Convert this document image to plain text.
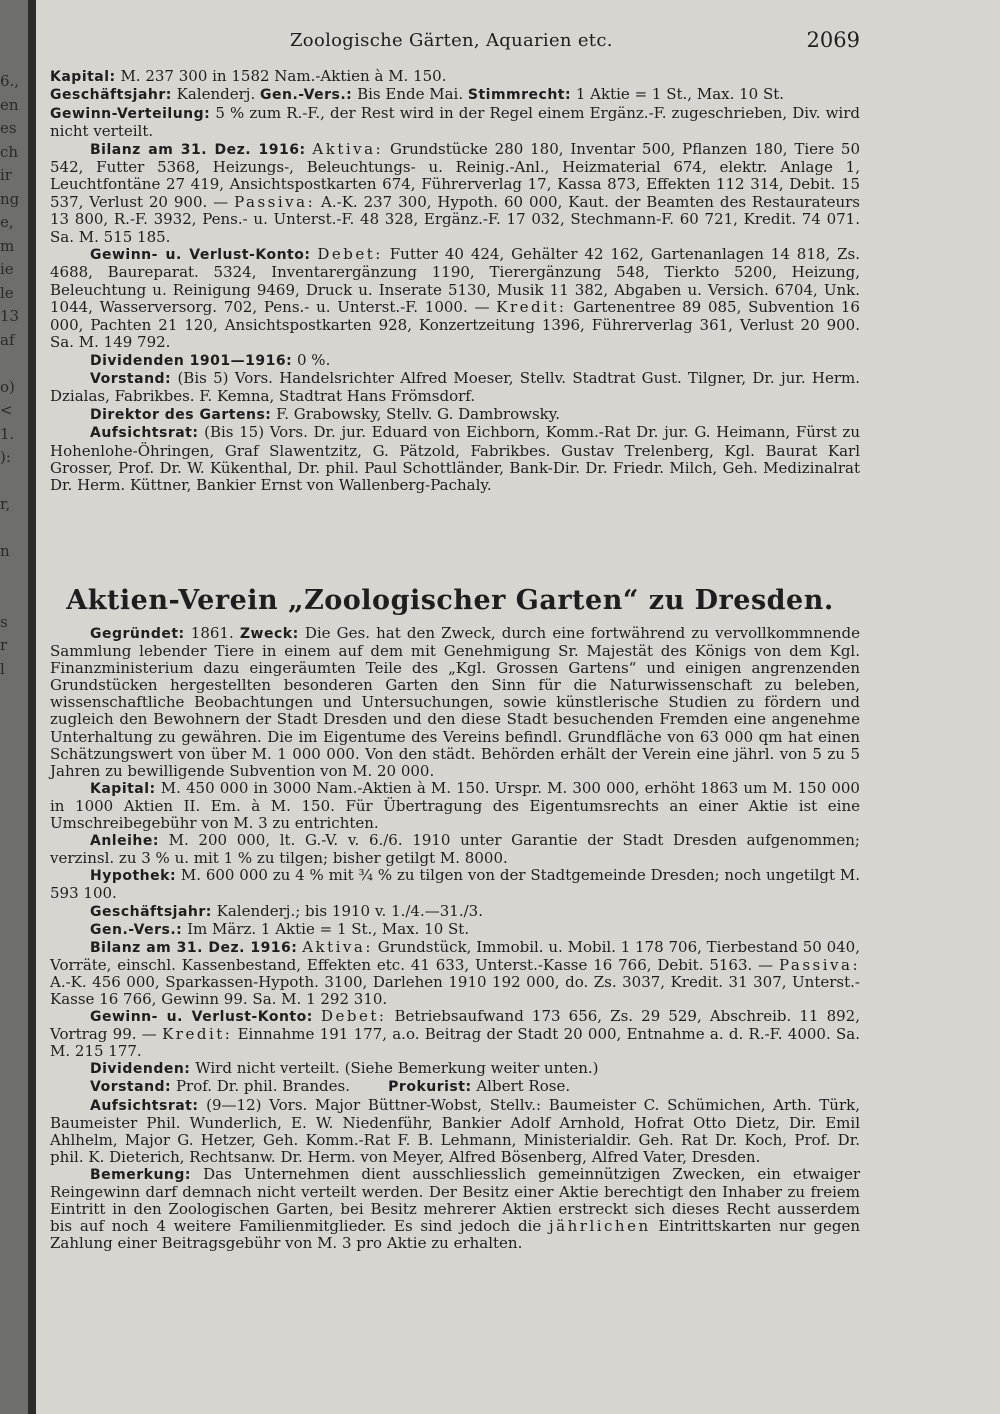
6.,
en
es
ch
ir
ng
e,
m
ie
le
13
af
o)
<
1.
):
r,
n
s
r
l
Zoologische Gärten, Aquarien etc.	2069

Kapital: M. 237 300 in 1582 Nam.-Aktien à M. 150.

Geschäftsjahr: Kalenderj. Gen.-Vers.: Bis Ende Mai. Stimmrecht: 1 Aktie = 1 St., Max. 10 St.

Gewinn-Verteilung: 5 % zum R.-F., der Rest wird in der Regel einem Ergänz.-F. zugeschrieben, Div. wird nicht verteilt.

Bilanz am 31. Dez. 1916: Aktiva: Grundstücke 280 180, Inventar 500, Pflanzen 180, Tiere 50 542, Futter 5368, Heizungs-, Beleuchtungs- u. Reinig.-Anl., Heizmaterial 674, elektr. Anlage 1, Leuchtfontäne 27 419, Ansichtspostkarten 674, Führerverlag 17, Kassa 873, Effekten 112 314, Debit. 15 537, Verlust 20 900. — Passiva: A.-K. 237 300, Hypoth. 60 000, Kaut. der Beamten des Restaurateurs 13 800, R.-F. 3932, Pens.- u. Unterst.-F. 48 328, Ergänz.-F. 17 032, Stechmann-F. 60 721, Kredit. 74 071. Sa. M. 515 185.

Gewinn- u. Verlust-Konto: Debet: Futter 40 424, Gehälter 42 162, Gartenanlagen 14 818, Zs. 4688, Baureparat. 5324, Inventarergänzung 1190, Tierergänzung 548, Tierkto 5200, Heizung, Beleuchtung u. Reinigung 9469, Druck u. Inserate 5130, Musik 11 382, Abgaben u. Versich. 6704, Unk. 1044, Wasserversorg. 702, Pens.- u. Unterst.-F. 1000. — Kredit: Gartenentree 89 085, Subvention 16 000, Pachten 21 120, Ansichtspostkarten 928, Konzertzeitung 1396, Führerverlag 361, Verlust 20 900. Sa. M. 149 792.

Dividenden 1901—1916: 0 %.

Vorstand: (Bis 5) Vors. Handelsrichter Alfred Moeser, Stellv. Stadtrat Gust. Tilgner, Dr. jur. Herm. Dzialas, Fabrikbes. F. Kemna, Stadtrat Hans Frömsdorf.

Direktor des Gartens: F. Grabowsky, Stellv. G. Dambrowsky.

Aufsichtsrat: (Bis 15) Vors. Dr. jur. Eduard von Eichborn, Komm.-Rat Dr. jur. G. Heimann, Fürst zu Hohenlohe-Öhringen, Graf Slawentzitz, G. Pätzold, Fabrikbes. Gustav Trelenberg, Kgl. Baurat Karl Grosser, Prof. Dr. W. Kükenthal, Dr. phil. Paul Schottländer, Bank-Dir. Dr. Friedr. Milch, Geh. Medizinalrat Dr. Herm. Küttner, Bankier Ernst von Wallenberg-Pachaly.

Aktien-Verein „Zoologischer Garten“ zu Dresden.

Gegründet: 1861. Zweck: Die Ges. hat den Zweck, durch eine fortwährend zu vervollkommnende Sammlung lebender Tiere in einem auf dem mit Genehmigung Sr. Majestät des Königs von dem Kgl. Finanzministerium dazu eingeräumten Teile des „Kgl. Grossen Gartens“ und einigen angrenzenden Grundstücken hergestellten besonderen Garten den Sinn für die Naturwissenschaft zu beleben, wissenschaftliche Beobachtungen und Untersuchungen, sowie künstlerische Studien zu fördern und zugleich den Bewohnern der Stadt Dresden und den diese Stadt besuchenden Fremden eine angenehme Unterhaltung zu gewähren. Die im Eigentume des Vereins befindl. Grundfläche von 63 000 qm hat einen Schätzungswert von über M. 1 000 000. Von den städt. Behörden erhält der Verein eine jährl. von 5 zu 5 Jahren zu bewilligende Subvention von M. 20 000.

Kapital: M. 450 000 in 3000 Nam.-Aktien à M. 150. Urspr. M. 300 000, erhöht 1863 um M. 150 000 in 1000 Aktien II. Em. à M. 150. Für Übertragung des Eigentumsrechts an einer Aktie ist eine Umschreibegebühr von M. 3 zu entrichten.

Anleihe: M. 200 000, lt. G.-V. v. 6./6. 1910 unter Garantie der Stadt Dresden aufgenommen; verzinsl. zu 3 % u. mit 1 % zu tilgen; bisher getilgt M. 8000.

Hypothek: M. 600 000 zu 4 % mit ¾ % zu tilgen von der Stadtgemeinde Dresden; noch ungetilgt M. 593 100.

Geschäftsjahr: Kalenderj.; bis 1910 v. 1./4.—31./3.

Gen.-Vers.: Im März. 1 Aktie = 1 St., Max. 10 St.

Bilanz am 31. Dez. 1916: Aktiva: Grundstück, Immobil. u. Mobil. 1 178 706, Tierbestand 50 040, Vorräte, einschl. Kassenbestand, Effekten etc. 41 633, Unterst.-Kasse 16 766, Debit. 5163. — Passiva: A.-K. 456 000, Sparkassen-Hypoth. 3100, Darlehen 1910 192 000, do. Zs. 3037, Kredit. 31 307, Unterst.-Kasse 16 766, Gewinn 99. Sa. M. 1 292 310.

Gewinn- u. Verlust-Konto: Debet: Betriebsaufwand 173 656, Zs. 29 529, Abschreib. 11 892, Vortrag 99. — Kredit: Einnahme 191 177, a.o. Beitrag der Stadt 20 000, Entnahme a. d. R.-F. 4000. Sa. M. 215 177.

Dividenden: Wird nicht verteilt. (Siehe Bemerkung weiter unten.)

Vorstand: Prof. Dr. phil. Brandes.	Prokurist: Albert Rose.

Aufsichtsrat: (9—12) Vors. Major Büttner-Wobst, Stellv.: Baumeister C. Schümichen, Arth. Türk, Baumeister Phil. Wunderlich, E. W. Niedenführ, Bankier Adolf Arnhold, Hofrat Otto Dietz, Dir. Emil Ahlhelm, Major G. Hetzer, Geh. Komm.-Rat F. B. Lehmann, Ministerialdir. Geh. Rat Dr. Koch, Prof. Dr. phil. K. Dieterich, Rechtsanw. Dr. Herm. von Meyer, Alfred Bösenberg, Alfred Vater, Dresden.

Bemerkung: Das Unternehmen dient ausschliesslich gemeinnützigen Zwecken, ein etwaiger Reingewinn darf demnach nicht verteilt werden. Der Besitz einer Aktie berechtigt den Inhaber zu freiem Eintritt in den Zoologischen Garten, bei Besitz mehrerer Aktien erstreckt sich dieses Recht ausserdem bis auf noch 4 weitere Familienmitglieder. Es sind jedoch die jährlichen Eintrittskarten nur gegen Zahlung einer Beitragsgebühr von M. 3 pro Aktie zu erhalten.
